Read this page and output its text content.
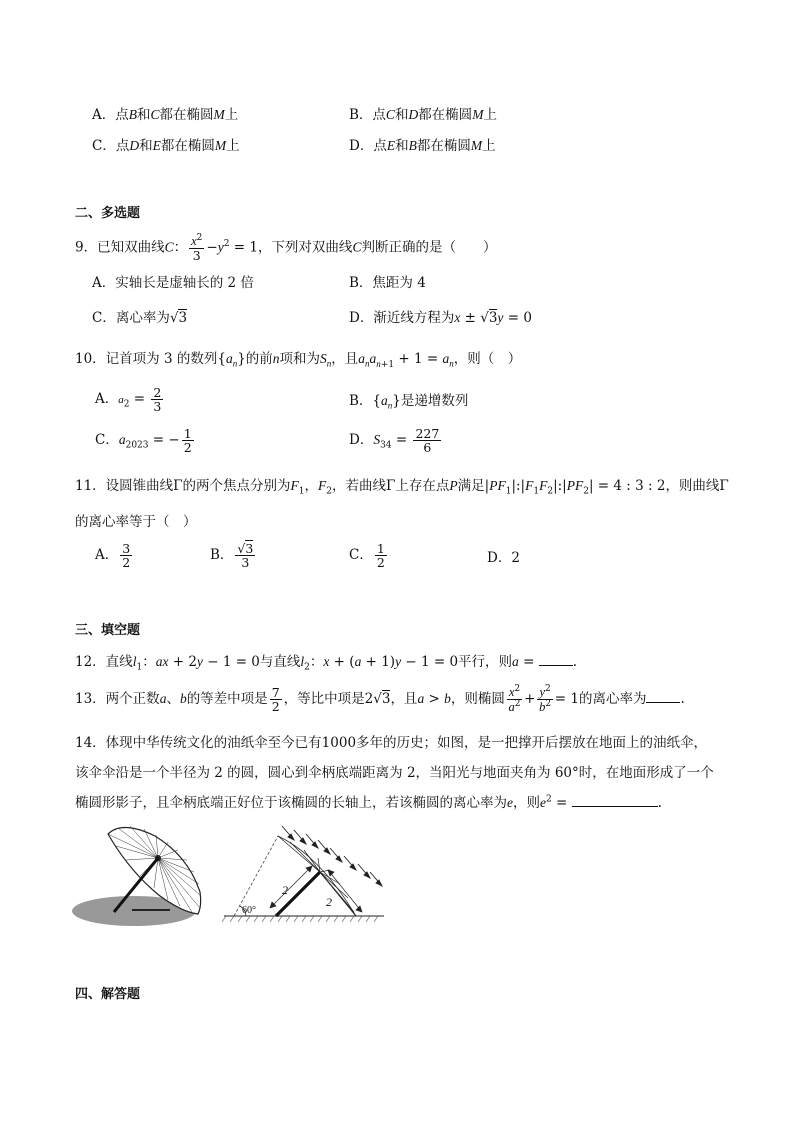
A．点B和C都在椭圆M上	B．点C和D都在椭圆M上
C．点D和E都在椭圆M上	D．点E和B都在椭圆M上
二、多选题
9．已知双曲线C： $\frac{x^2}{3} -y^2 = 1$，下列对双曲线C判断正确的是（　　）
A．实轴长是虚轴长的 2 倍	B．焦距为 4
C．离心率为√3	D．渐近线方程为x ± √3y = 0
10．记首项为 3 的数列$\{a_n\}$的前n项和为$S_n$，且$a_na_{n+1} + 1 = a_n$，则（　）
A．$a_2 = \frac{2}{3}$	B．$\{a_n\}$是递增数列
C．$a_{2023}$ = − $\frac{1}{2}$	D．$S_{34} = \frac{227}{6}$
11．设圆锥曲线Γ的两个焦点分别为$F_1$，$F_2$，若曲线Γ上存在点P满足$|PF_1|:|F_1F_2|:|PF_2| = 4$ : 3 : 2，则曲线Γ
的离心率等于（　）
A． $\frac{3}{2}$	B． $\frac{√3}{3}$	C． $\frac{1}{2}$	D．2
三、填空题
12．直线$l_1$：ax + 2y − 1 = 0与直线$l_2$：x + (a + 1)y − 1 = 0平行，则a =	.
13．两个正数a、b的等差中项是 $\frac{7}{2}$ ，等比中项是2√3，且a > b，则椭圆 $\frac{x^2}{a^2} + \frac{y^2}{b^2} = 1$的离心率为	.
14．体现中华传统文化的油纸伞至今已有1000多年的历史；如图，是一把撑开后摆放在地面上的油纸伞，
该伞伞沿是一个半径为 2 的圆，圆心到伞柄底端距离为 2，当阳光与地面夹角为 60°时，在地面形成了一个
椭圆形影子，且伞柄底端正好位于该椭圆的长轴上，若该椭圆的离心率为e，则$e^2$ =	.
60°
2
2
四、解答题
